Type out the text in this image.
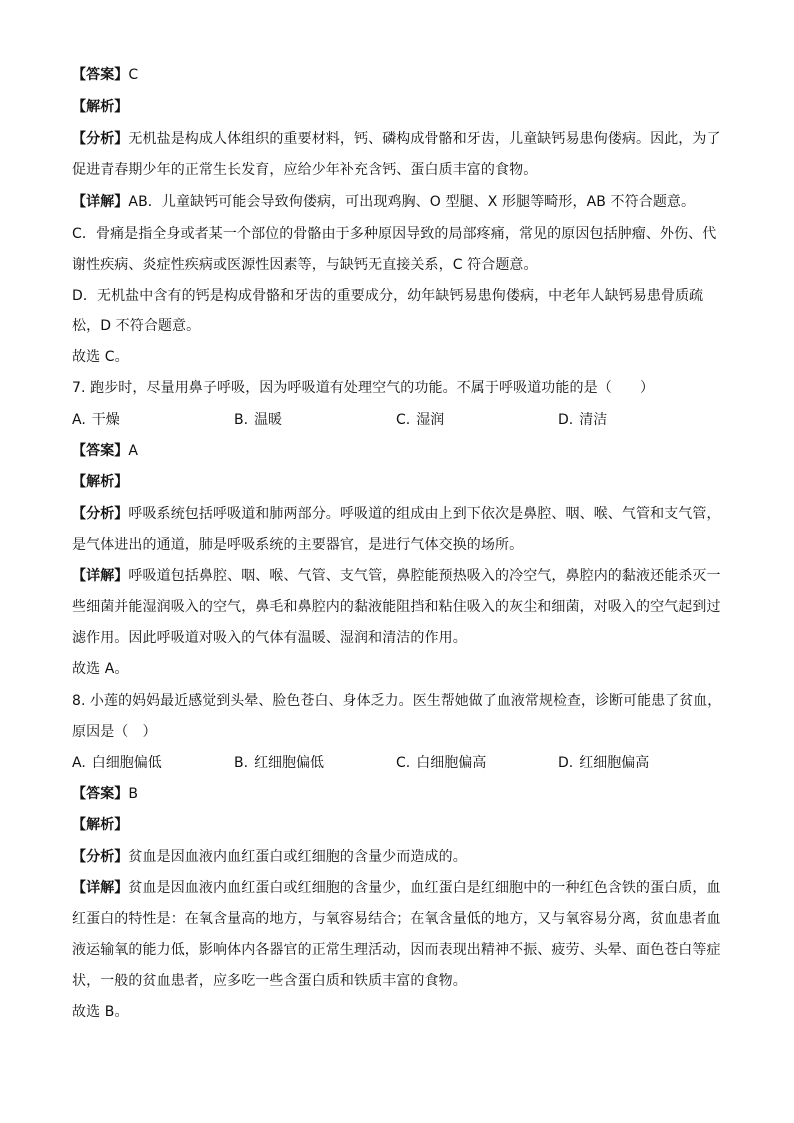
【答案】C
【解析】
【分析】无机盐是构成人体组织的重要材料，钙、磷构成骨骼和牙齿，儿童缺钙易患佝偻病。因此，为了
促进青春期少年的正常生长发育，应给少年补充含钙、蛋白质丰富的食物。
【详解】AB．儿童缺钙可能会导致佝偻病，可出现鸡胸、O 型腿、X 形腿等畸形，AB 不符合题意。
C．骨痛是指全身或者某一个部位的骨骼由于多种原因导致的局部疼痛，常见的原因包括肿瘤、外伤、代
谢性疾病、炎症性疾病或医源性因素等，与缺钙无直接关系，C 符合题意。
D．无机盐中含有的钙是构成骨骼和牙齿的重要成分，幼年缺钙易患佝偻病，中老年人缺钙易患骨质疏
松，D 不符合题意。
故选 C。
7. 跑步时，尽量用鼻子呼吸，因为呼吸道有处理空气的功能。不属于呼吸道功能的是（　　）
A. 干燥	B. 温暖	C. 湿润	D. 清洁
【答案】A
【解析】
【分析】呼吸系统包括呼吸道和肺两部分。呼吸道的组成由上到下依次是鼻腔、咽、喉、气管和支气管，
是气体进出的通道，肺是呼吸系统的主要器官，是进行气体交换的场所。
【详解】呼吸道包括鼻腔、咽、喉、气管、支气管，鼻腔能预热吸入的冷空气，鼻腔内的黏液还能杀灭一
些细菌并能湿润吸入的空气，鼻毛和鼻腔内的黏液能阻挡和粘住吸入的灰尘和细菌，对吸入的空气起到过
滤作用。因此呼吸道对吸入的气体有温暖、湿润和清洁的作用。
故选 A。
8. 小莲的妈妈最近感觉到头晕、脸色苍白、身体乏力。医生帮她做了血液常规检查，诊断可能患了贫血，
原因是（　）
A. 白细胞偏低	B. 红细胞偏低	C. 白细胞偏高	D. 红细胞偏高
【答案】B
【解析】
【分析】贫血是因血液内血红蛋白或红细胞的含量少而造成的。
【详解】贫血是因血液内血红蛋白或红细胞的含量少，血红蛋白是红细胞中的一种红色含铁的蛋白质，血
红蛋白的特性是：在氧含量高的地方，与氧容易结合；在氧含量低的地方，又与氧容易分离，贫血患者血
液运输氧的能力低，影响体内各器官的正常生理活动，因而表现出精神不振、疲劳、头晕、面色苍白等症
状，一般的贫血患者，应多吃一些含蛋白质和铁质丰富的食物。
故选 B。
